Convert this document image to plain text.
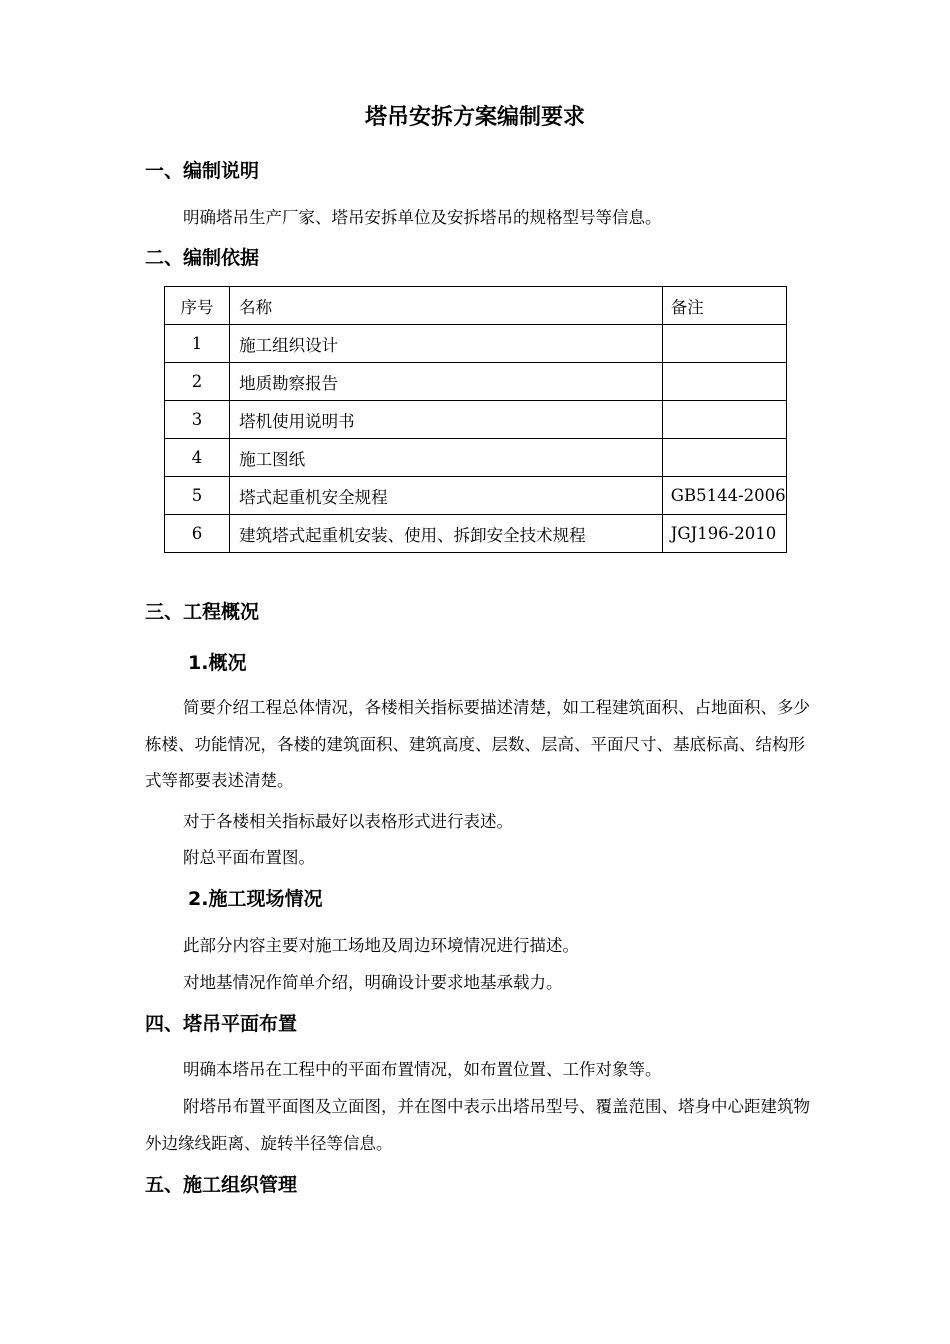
塔吊安拆方案编制要求
一、编制说明
明确塔吊生产厂家、塔吊安拆单位及安拆塔吊的规格型号等信息。
二、编制依据
序号	名称	备注
1	施工组织设计	
2	地质勘察报告	
3	塔机使用说明书	
4	施工图纸	
5	塔式起重机安全规程	GB5144-2006
6	建筑塔式起重机安装、使用、拆卸安全技术规程	JGJ196-2010
三、工程概况
1.概况
简要介绍工程总体情况，各楼相关指标要描述清楚，如工程建筑面积、占地面积、多少栋楼、功能情况，各楼的建筑面积、建筑高度、层数、层高、平面尺寸、基底标高、结构形式等都要表述清楚。
对于各楼相关指标最好以表格形式进行表述。
附总平面布置图。
2.施工现场情况
此部分内容主要对施工场地及周边环境情况进行描述。
对地基情况作简单介绍，明确设计要求地基承载力。
四、塔吊平面布置
明确本塔吊在工程中的平面布置情况，如布置位置、工作对象等。
附塔吊布置平面图及立面图，并在图中表示出塔吊型号、覆盖范围、塔身中心距建筑物外边缘线距离、旋转半径等信息。
五、施工组织管理
